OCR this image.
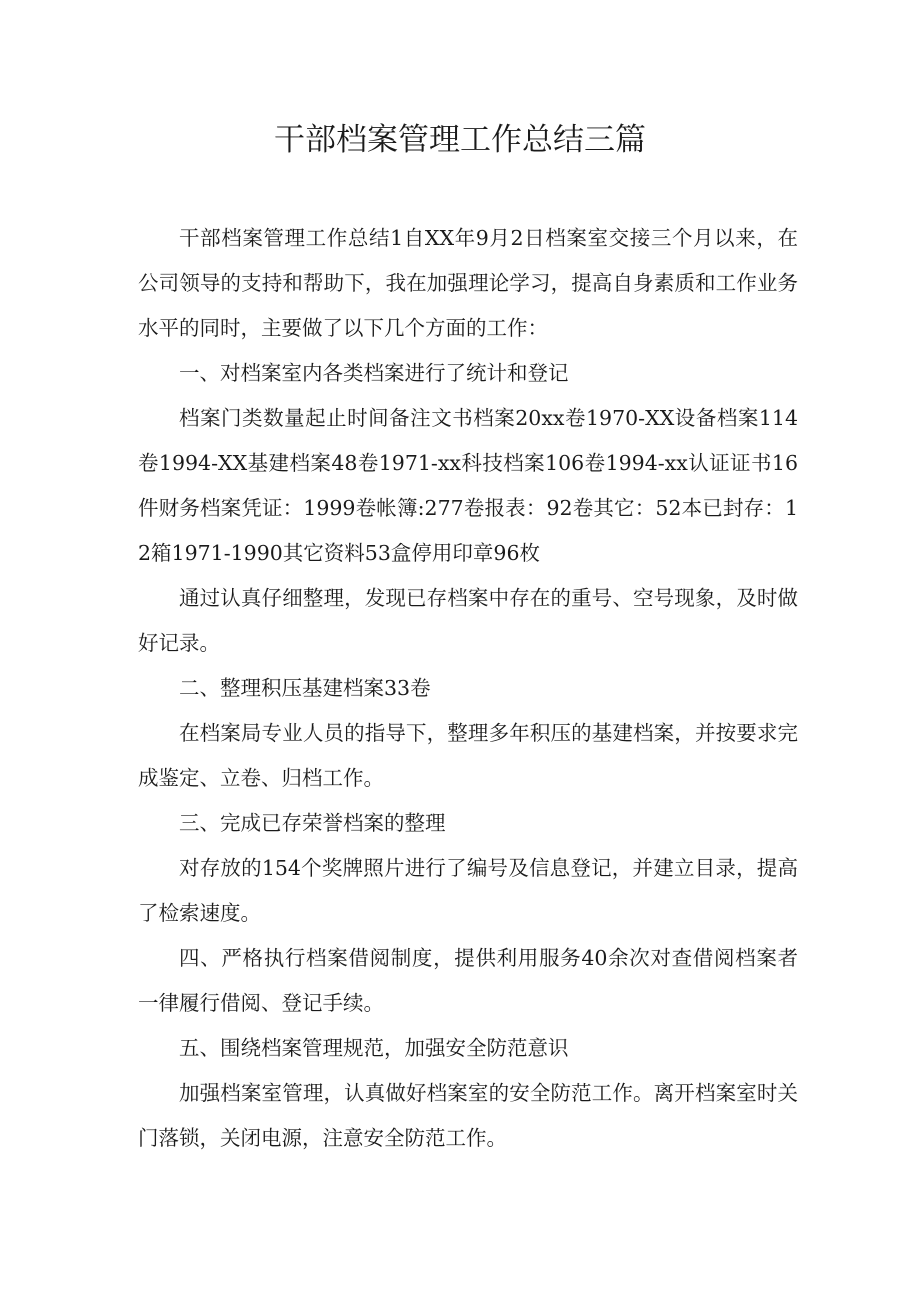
干部档案管理工作总结三篇

干部档案管理工作总结1自XX年9月2日档案室交接三个月以来，在公司领导的支持和帮助下，我在加强理论学习，提高自身素质和工作业务水平的同时，主要做了以下几个方面的工作：

一、对档案室内各类档案进行了统计和登记

档案门类数量起止时间备注文书档案20xx卷1970-XX设备档案114卷1994-XX基建档案48卷1971-xx科技档案106卷1994-xx认证证书16件财务档案凭证：1999卷帐簿:277卷报表：92卷其它：52本已封存：12箱1971-1990其它资料53盒停用印章96枚

通过认真仔细整理，发现已存档案中存在的重号、空号现象，及时做好记录。

二、整理积压基建档案33卷

在档案局专业人员的指导下，整理多年积压的基建档案，并按要求完成鉴定、立卷、归档工作。

三、完成已存荣誉档案的整理

对存放的154个奖牌照片进行了编号及信息登记，并建立目录，提高了检索速度。

四、严格执行档案借阅制度，提供利用服务40余次对查借阅档案者一律履行借阅、登记手续。

五、围绕档案管理规范，加强安全防范意识

加强档案室管理，认真做好档案室的安全防范工作。离开档案室时关门落锁，关闭电源，注意安全防范工作。
